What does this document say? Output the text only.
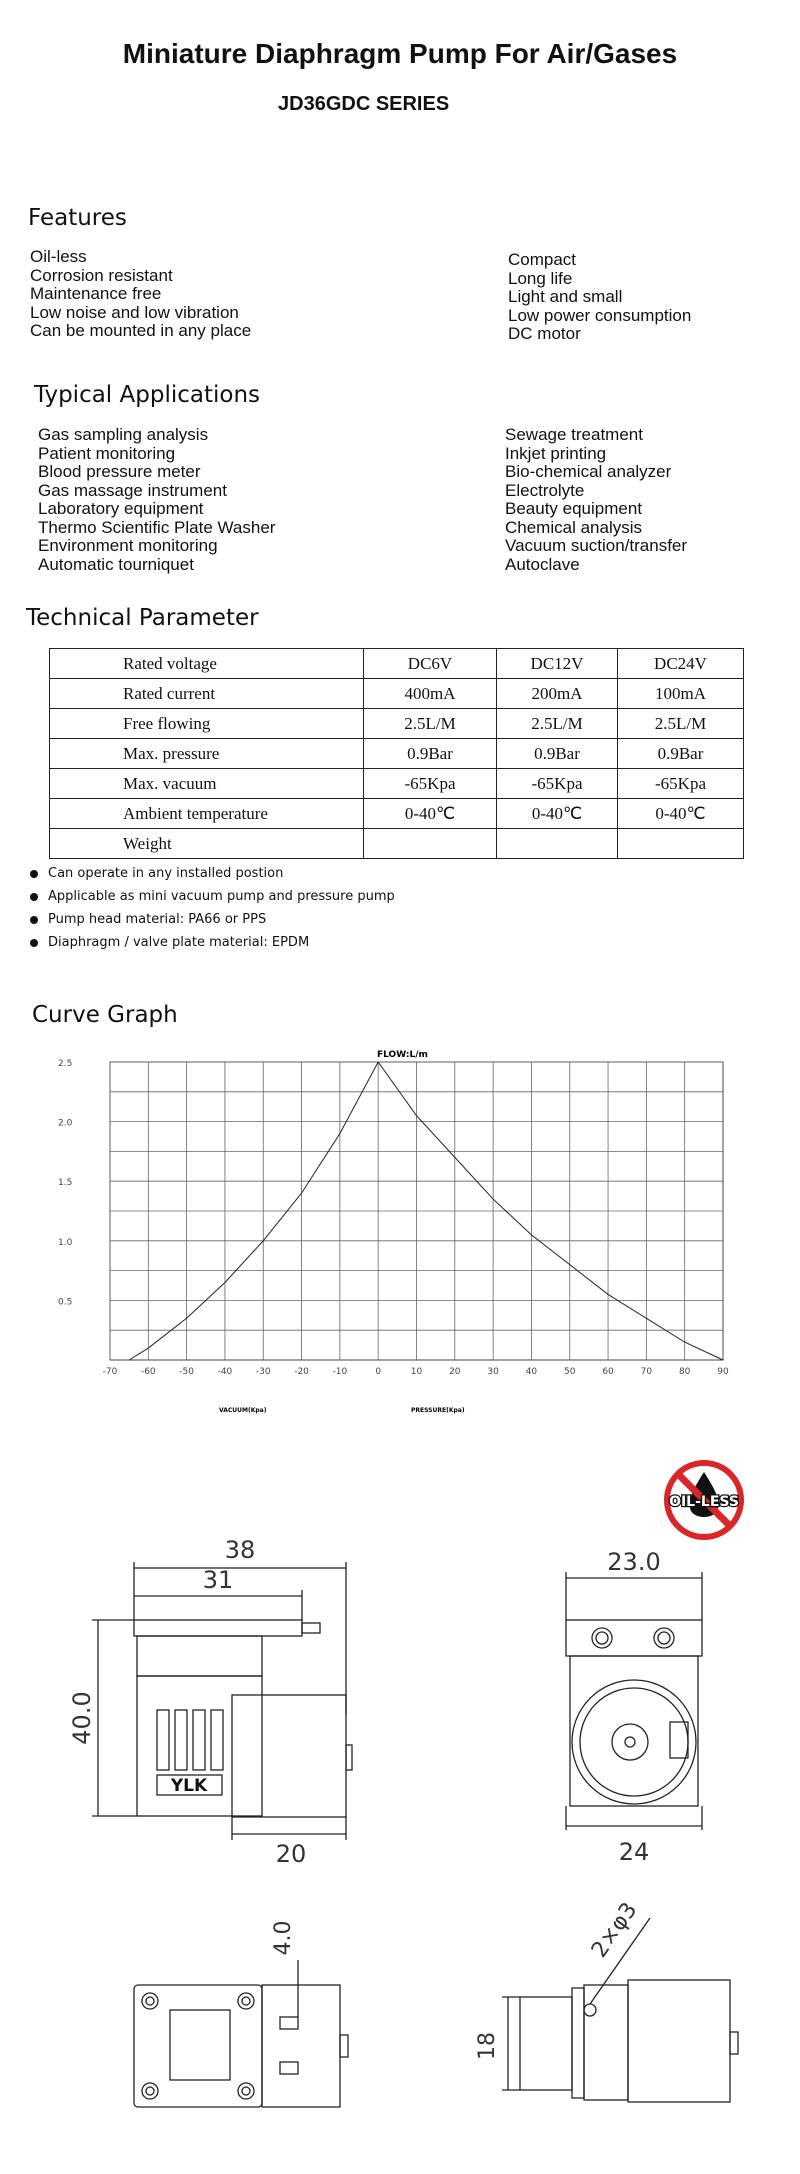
Miniature Diaphragm Pump For Air/Gases
JD36GDC SERIES
Features
Oil-less
Corrosion resistant
Maintenance free
Low noise and low vibration
Can be mounted in any place
Compact
Long life
Light and small
Low power consumption
DC motor
Typical Applications
Gas sampling analysis
Patient monitoring
Blood pressure meter
Gas massage instrument
Laboratory equipment
Thermo Scientific Plate Washer
Environment monitoring
Automatic tourniquet
Sewage treatment
Inkjet printing
Bio-chemical analyzer
Electrolyte
Beauty equipment
Chemical analysis
Vacuum suction/transfer
Autoclave
Technical Parameter
Rated voltage	DC6V	DC12V	DC24V
Rated current	400mA	200mA	100mA
Free flowing	2.5L/M	2.5L/M	2.5L/M
Max. pressure	0.9Bar	0.9Bar	0.9Bar
Max. vacuum	-65Kpa	-65Kpa	-65Kpa
Ambient temperature	0-40℃	0-40℃	0-40℃
Weight			
Can operate in any installed postion
Applicable as mini vacuum pump and pressure pump
Pump head material: PA66 or PPS
Diaphragm / valve plate material: EPDM
Curve Graph
-70	-60	-50	-40	-30	-20	-10	0	10	20	30	40	50	60	70	80	90
0.5
1.0
1.5
2.0
2.5
FLOW:L/m
VACUUM(Kpa)	PRESSURE(Kpa)
OIL-LESS
YLK
38
31
40.0
20
23.0
24
4.0	2×φ3
18
